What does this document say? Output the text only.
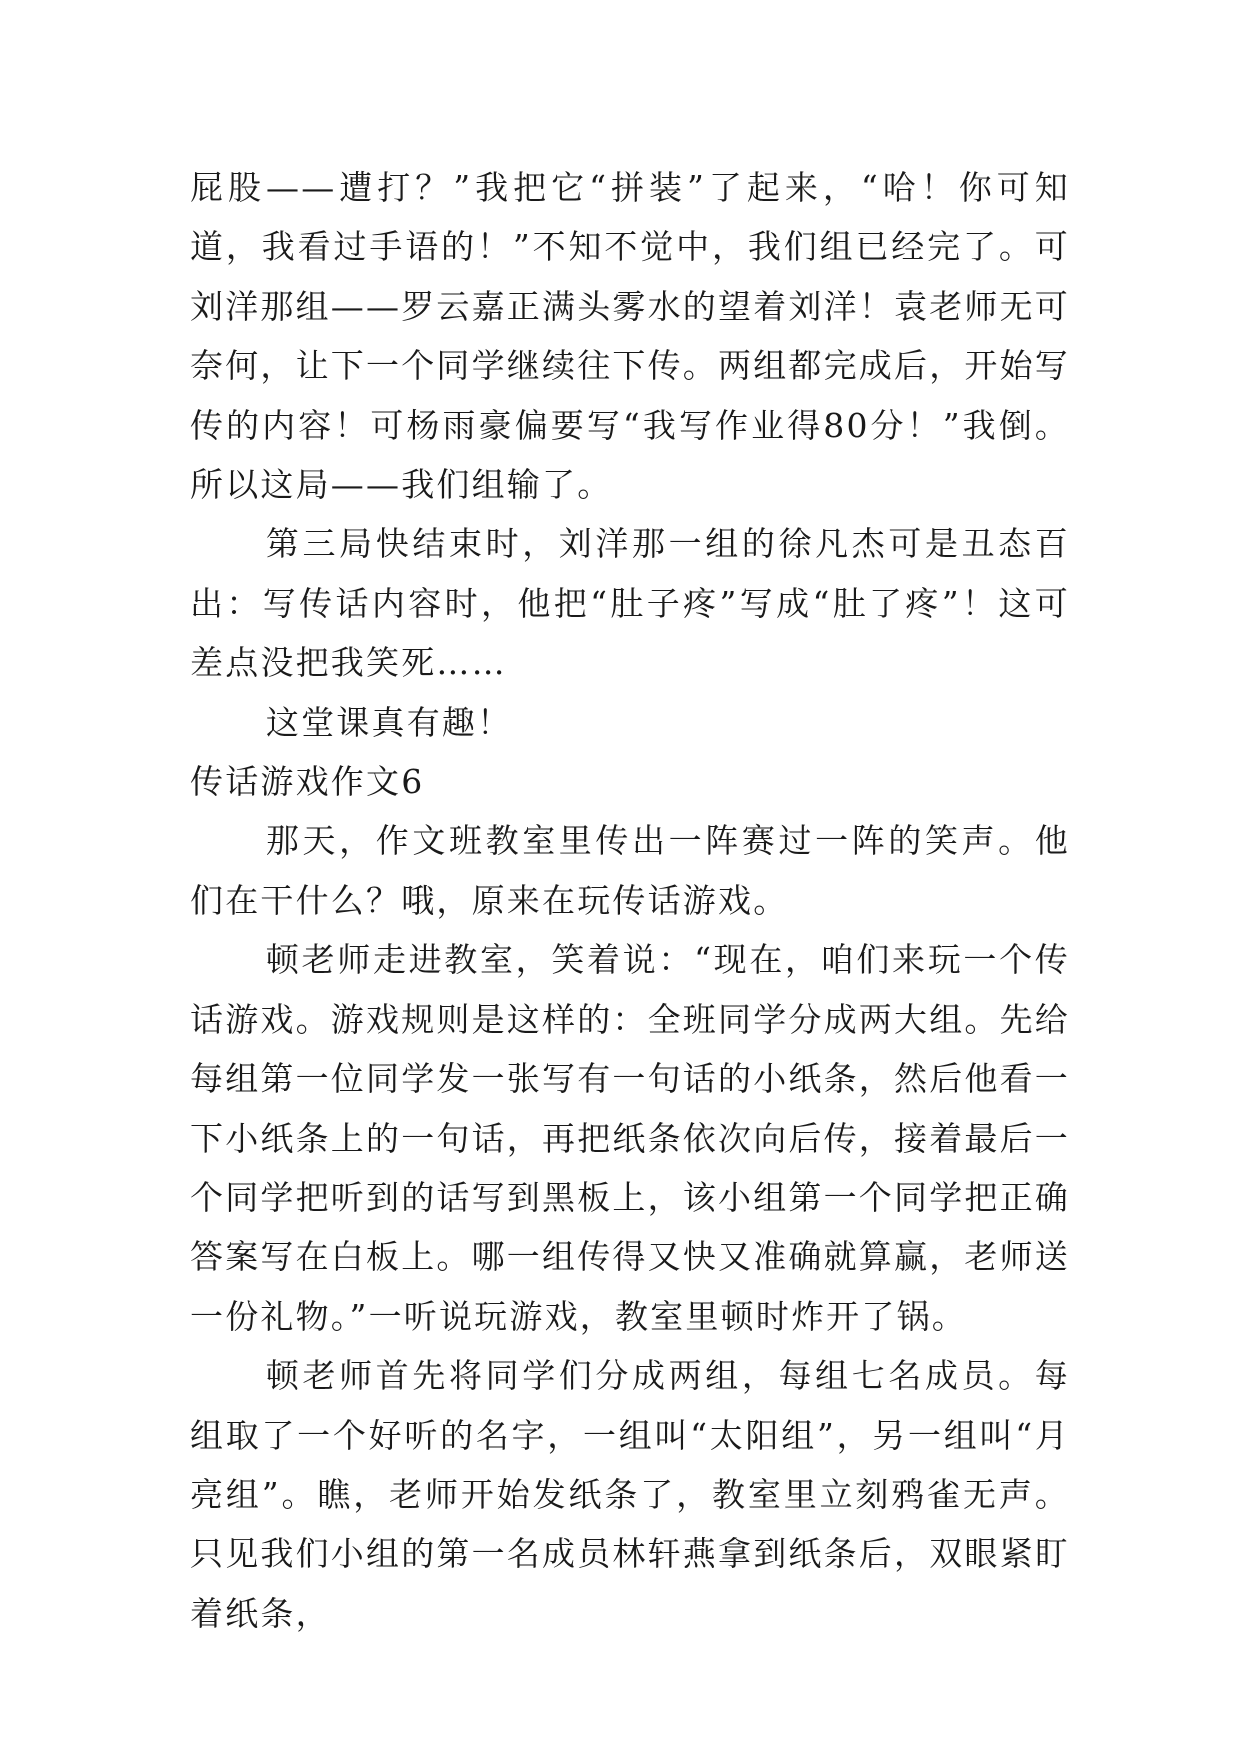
屁股——遭打？”我把它“拼装”了起来，“哈！你可知道，我看过手语的！”不知不觉中，我们组已经完了。可刘洋那组——罗云嘉正满头雾水的望着刘洋！袁老师无可奈何，让下一个同学继续往下传。两组都完成后，开始写传的内容！可杨雨豪偏要写“我写作业得80分！”我倒。所以这局——我们组输了。

第三局快结束时，刘洋那一组的徐凡杰可是丑态百出：写传话内容时，他把“肚子疼”写成“肚了疼”！这可差点没把我笑死……

这堂课真有趣！

传话游戏作文6

那天，作文班教室里传出一阵赛过一阵的笑声。他们在干什么？哦，原来在玩传话游戏。

顿老师走进教室，笑着说：“现在，咱们来玩一个传话游戏。游戏规则是这样的：全班同学分成两大组。先给每组第一位同学发一张写有一句话的小纸条，然后他看一下小纸条上的一句话，再把纸条依次向后传，接着最后一个同学把听到的话写到黑板上，该小组第一个同学把正确答案写在白板上。哪一组传得又快又准确就算赢，老师送一份礼物。”一听说玩游戏，教室里顿时炸开了锅。

顿老师首先将同学们分成两组，每组七名成员。每组取了一个好听的名字，一组叫“太阳组”，另一组叫“月亮组”。瞧，老师开始发纸条了，教室里立刻鸦雀无声。只见我们小组的第一名成员林轩燕拿到纸条后，双眼紧盯着纸条，
